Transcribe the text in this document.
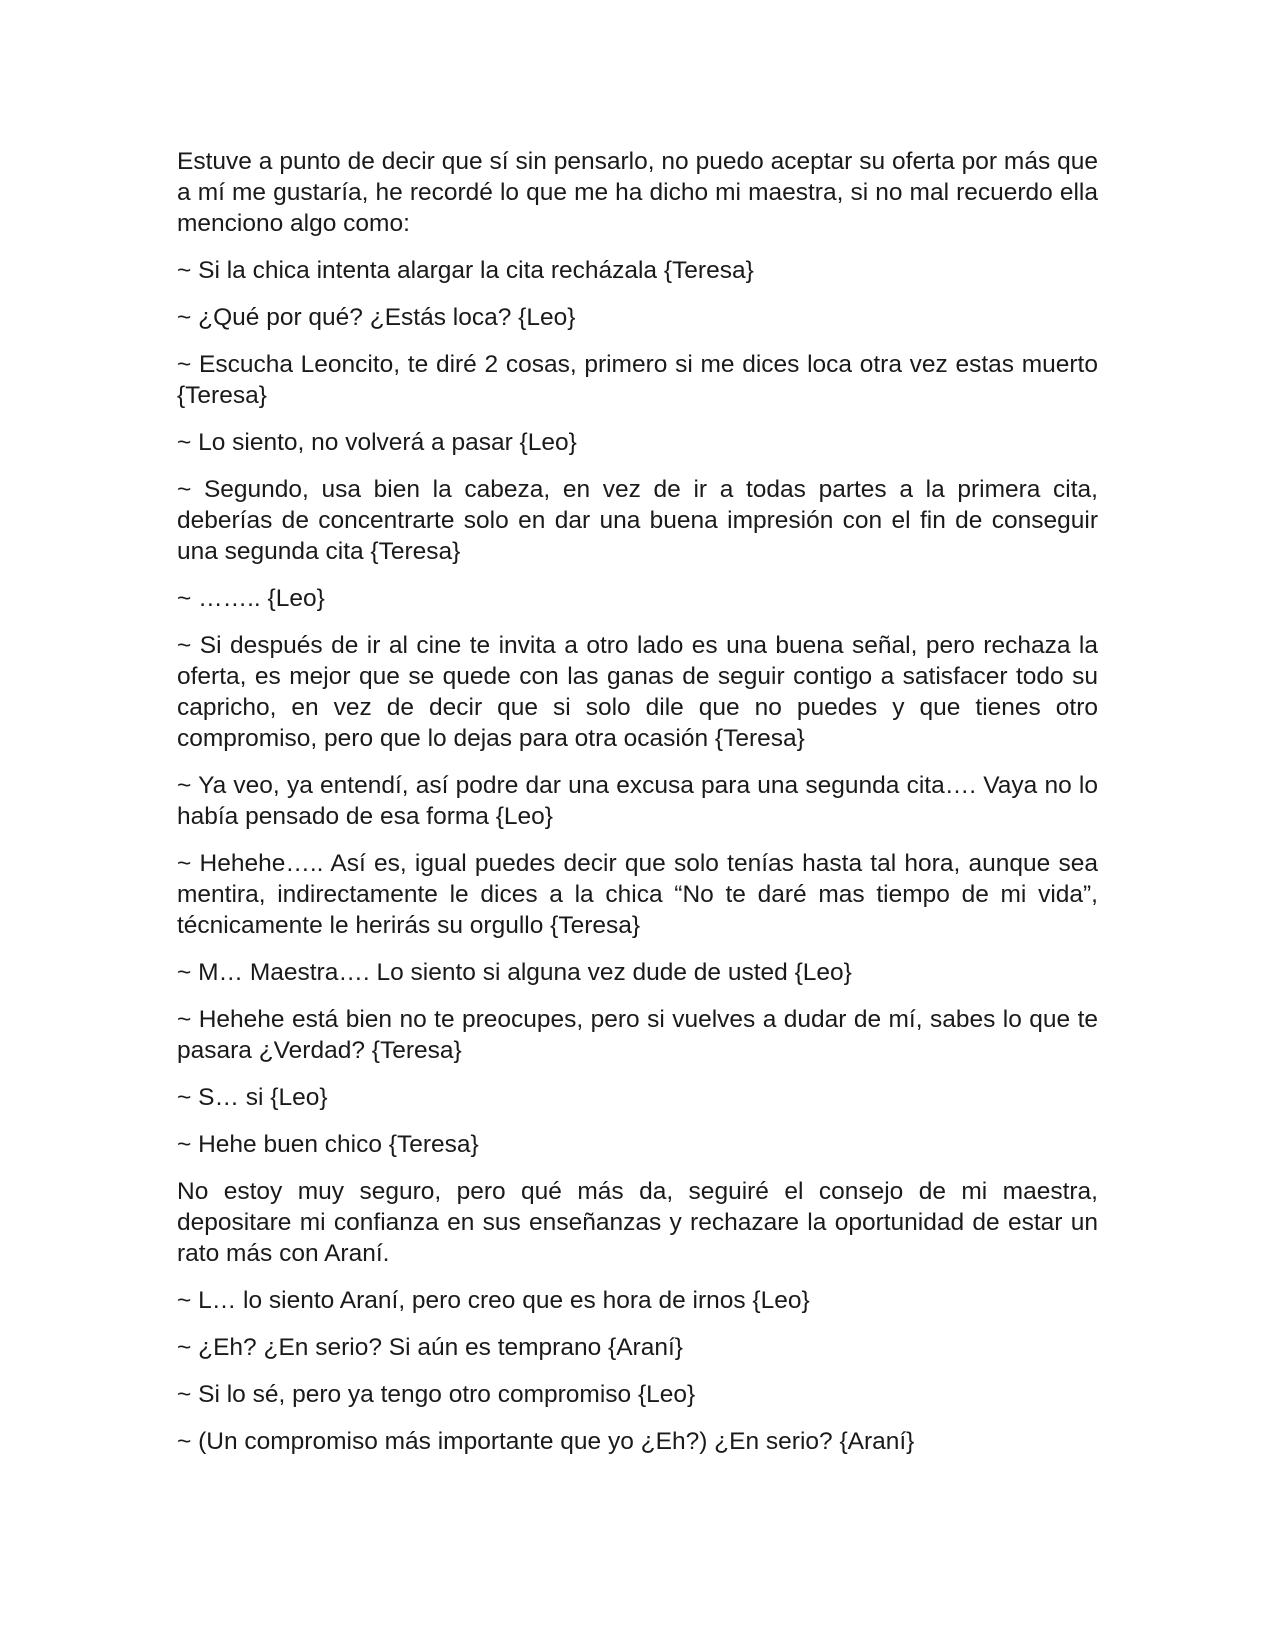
Estuve a punto de decir que sí sin pensarlo, no puedo aceptar su oferta por más que a mí me gustaría, he recordé lo que me ha dicho mi maestra, si no mal recuerdo ella menciono algo como:

~ Si la chica intenta alargar la cita recházala {Teresa}

~ ¿Qué por qué? ¿Estás loca? {Leo}

~ Escucha Leoncito, te diré 2 cosas, primero si me dices loca otra vez estas muerto {Teresa}

~ Lo siento, no volverá a pasar {Leo}

~ Segundo, usa bien la cabeza, en vez de ir a todas partes a la primera cita, deberías de concentrarte solo en dar una buena impresión con el fin de conseguir una segunda cita {Teresa}

~ …….. {Leo}

~ Si después de ir al cine te invita a otro lado es una buena señal, pero rechaza la oferta, es mejor que se quede con las ganas de seguir contigo a satisfacer todo su capricho, en vez de decir que si solo dile que no puedes y que tienes otro compromiso, pero que lo dejas para otra ocasión {Teresa}

~ Ya veo, ya entendí, así podre dar una excusa para una segunda cita…. Vaya no lo había pensado de esa forma {Leo}

~ Hehehe….. Así es, igual puedes decir que solo tenías hasta tal hora, aunque sea mentira, indirectamente le dices a la chica “No te daré mas tiempo de mi vida”, técnicamente le herirás su orgullo {Teresa}

~ M… Maestra…. Lo siento si alguna vez dude de usted {Leo}

~ Hehehe está bien no te preocupes, pero si vuelves a dudar de mí, sabes lo que te pasara ¿Verdad? {Teresa}

~ S… si {Leo}

~ Hehe buen chico {Teresa}

No estoy muy seguro, pero qué más da, seguiré el consejo de mi maestra, depositare mi confianza en sus enseñanzas y rechazare la oportunidad de estar un rato más con Araní.

~ L… lo siento Araní, pero creo que es hora de irnos {Leo}

~ ¿Eh? ¿En serio? Si aún es temprano {Araní}

~ Si lo sé, pero ya tengo otro compromiso {Leo}

~ (Un compromiso más importante que yo ¿Eh?) ¿En serio? {Araní}
